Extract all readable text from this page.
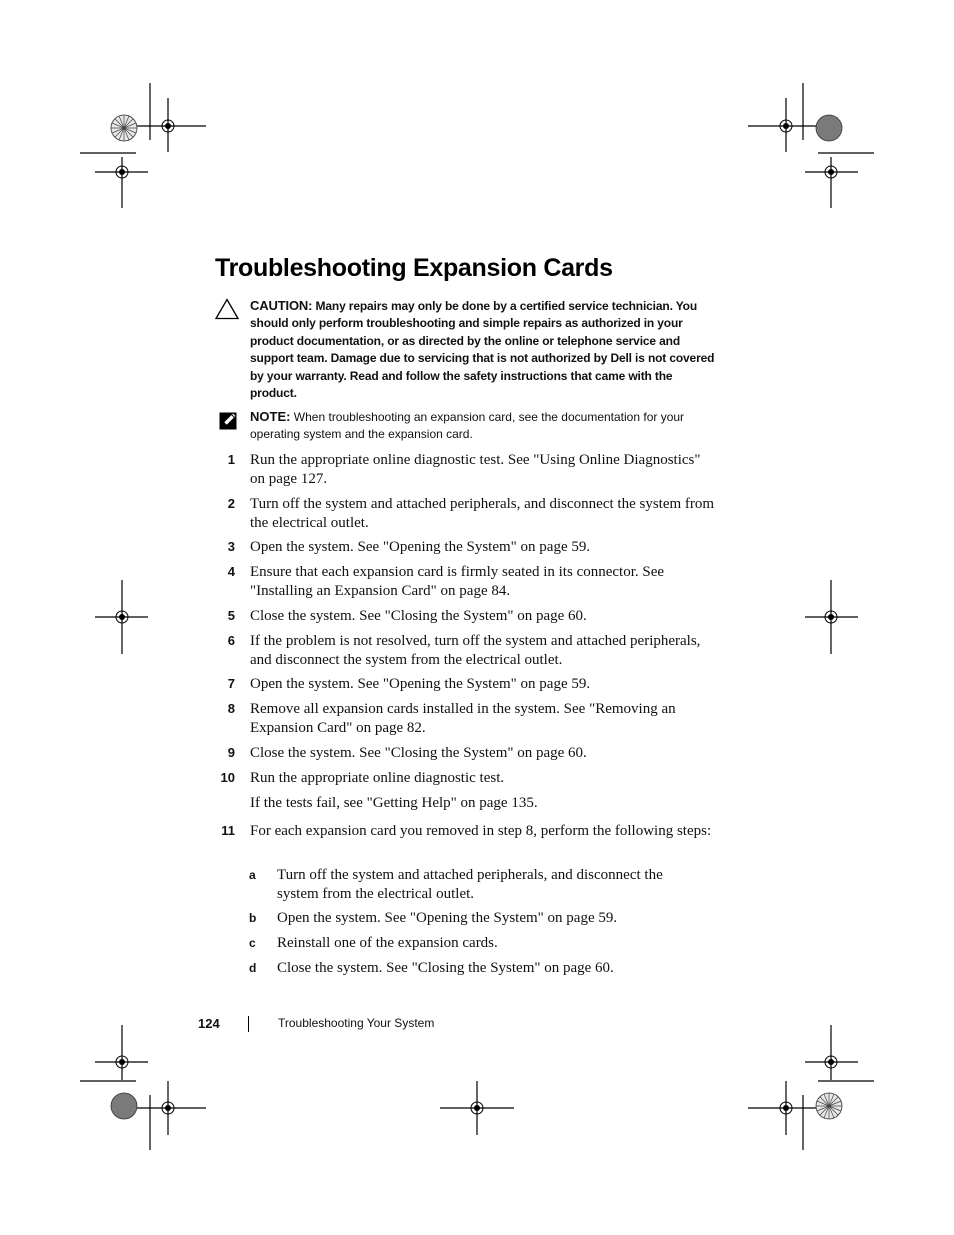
Troubleshooting Expansion Cards
CAUTION: Many repairs may only be done by a certified service technician. You should only perform troubleshooting and simple repairs as authorized in your product documentation, or as directed by the online or telephone service and support team. Damage due to servicing that is not authorized by Dell is not covered by your warranty. Read and follow the safety instructions that came with the product.
NOTE: When troubleshooting an expansion card, see the documentation for your operating system and the expansion card.
1 Run the appropriate online diagnostic test. See "Using Online Diagnostics" on page 127.
2 Turn off the system and attached peripherals, and disconnect the system from the electrical outlet.
3 Open the system. See "Opening the System" on page 59.
4 Ensure that each expansion card is firmly seated in its connector. See "Installing an Expansion Card" on page 84.
5 Close the system. See "Closing the System" on page 60.
6 If the problem is not resolved, turn off the system and attached peripherals, and disconnect the system from the electrical outlet.
7 Open the system. See "Opening the System" on page 59.
8 Remove all expansion cards installed in the system. See "Removing an Expansion Card" on page 82.
9 Close the system. See "Closing the System" on page 60.
10 Run the appropriate online diagnostic test.
If the tests fail, see "Getting Help" on page 135.
11 For each expansion card you removed in step 8, perform the following steps:
a Turn off the system and attached peripherals, and disconnect the system from the electrical outlet.
b Open the system. See "Opening the System" on page 59.
c Reinstall one of the expansion cards.
d Close the system. See "Closing the System" on page 60.
124	Troubleshooting Your System
